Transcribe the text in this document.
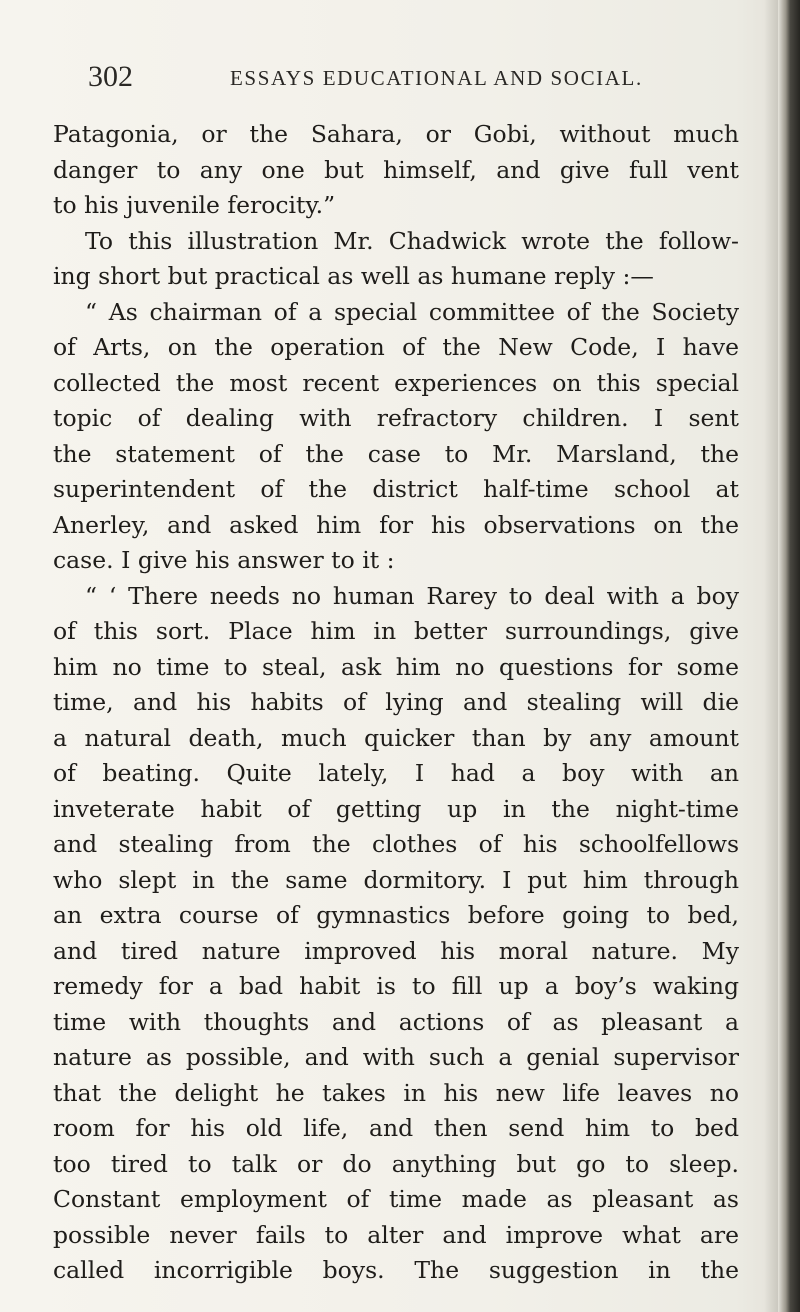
302	ESSAYS EDUCATIONAL AND SOCIAL.
Patagonia, or the Sahara, or Gobi, without much
danger to any one but himself, and give full vent
to his juvenile ferocity.”
To this illustration Mr. Chadwick wrote the follow-
ing short but practical as well as humane reply :—
“ As chairman of a special committee of the Society
of Arts, on the operation of the New Code, I have
collected the most recent experiences on this special
topic of dealing with refractory children. I sent
the statement of the case to Mr. Marsland, the
superintendent of the district half-time school at
Anerley, and asked him for his observations on the
case. I give his answer to it :
“ ‘ There needs no human Rarey to deal with a boy
of this sort. Place him in better surroundings, give
him no time to steal, ask him no questions for some
time, and his habits of lying and stealing will die
a natural death, much quicker than by any amount
of beating. Quite lately, I had a boy with an
inveterate habit of getting up in the night-time
and stealing from the clothes of his schoolfellows
who slept in the same dormitory. I put him through
an extra course of gymnastics before going to bed,
and tired nature improved his moral nature. My
remedy for a bad habit is to fill up a boy’s waking
time with thoughts and actions of as pleasant a
nature as possible, and with such a genial supervisor
that the delight he takes in his new life leaves no
room for his old life, and then send him to bed
too tired to talk or do anything but go to sleep.
Constant employment of time made as pleasant as
possible never fails to alter and improve what are
called incorrigible boys. The suggestion in the
